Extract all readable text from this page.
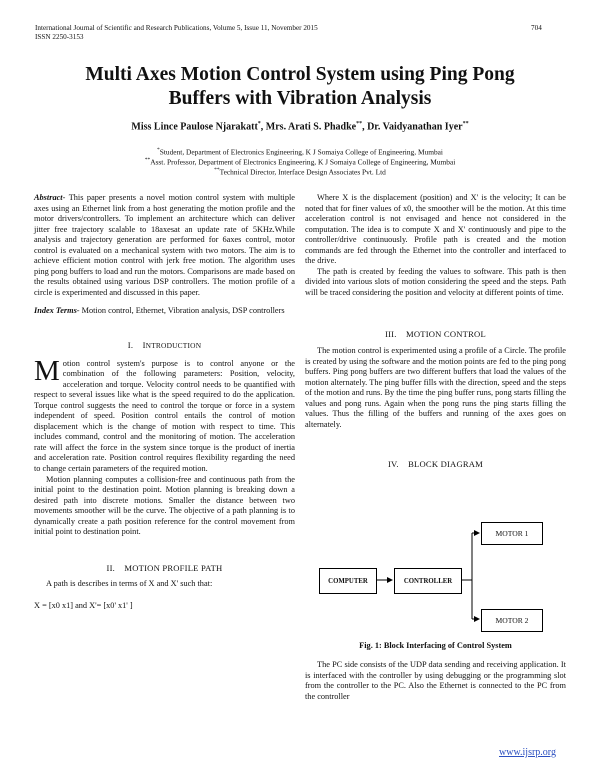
International Journal of Scientific and Research Publications, Volume 5, Issue 11, November 2015
ISSN 2250-3153
704
Multi Axes Motion Control System using Ping Pong
Buffers with Vibration Analysis
Miss Lince Paulose Njarakatt*, Mrs. Arati S. Phadke**, Dr. Vaidyanathan Iyer**
*Student, Department of Electronics Engineering, K J Somaiya College of Engineering, Mumbai
**Asst. Professor, Department of Electronics Engineering, K J Somaiya College of Engineering, Mumbai
**Technical Director, Interface Design Associates Pvt. Ltd

Abstract- This paper presents a novel motion control system with multiple axes using an Ethernet link from a host generating the motion profile and the motor drivers/controllers. To implement an architecture which can deliver jitter free trajectory scalable to 18axesat an update rate of 5KHz.While analysis and trajectory generation are performed for 6axes control, motor control is evaluated on a mechanical system with two motors. The aim is to achieve efficient motion control with jerk free motion. The algorithm uses ping pong buffers to load and run the motors. Comparisons are made based on the results obtained using various DSP controllers. The motion profile of a circle is experimented and discussed in this paper.

Index Terms- Motion control, Ethernet, Vibration analysis, DSP controllers

I. INTRODUCTION

Motion control system's purpose is to control anyone or the combination of the following parameters: Position, velocity, acceleration and torque. Velocity control needs to be quantified with respect to several issues like what is the speed required to do the application. Torque control suggests the need to control the torque or force in a system independent of speed. Position control entails the control of motion displacement which is the change of motion with respect to time. This includes command, control and the monitoring of motion. The acceleration rate will affect the force in the system since torque is the product of inertia and acceleration rate. Position control requires flexibility regarding the need to change certain parameters of the required motion.

Motion planning computes a collision-free and continuous path from the initial point to the destination point. Motion planning is breaking down a desired path into discrete motions. Smaller the distance between two movements smoother will be the curve. The objective of a path planning is to dynamically create a path position reference for the control movement from initial point to destination point.

II. MOTION PROFILE PATH

A path is describes in terms of X and X' such that:

X = [x0 x1] and X'= [x0' x1' ]

Where X is the displacement (position) and X' is the velocity; It can be noted that for finer values of x0, the smoother will be the motion. At this time acceleration control is not envisaged and hence not considered in the computation. The idea is to compute X and X' continuously and pipe to the controller/drive continuously. Profile path is created and the motion commands are fed through the Ethernet into the controller and interfaced to the drive.

The path is created by feeding the values to software. This path is then divided into various slots of motion considering the speed and the steps. Path will be traced considering the position and velocity at different points of time.

III. MOTION CONTROL

The motion control is experimented using a profile of a Circle. The profile is created by using the software and the motion points are fed to the ping pong buffers. Ping pong buffers are two different buffers that load the values of the motion alternately. The ping buffer fills with the direction, speed and the steps of the motion and runs. By the time the ping buffer runs, pong starts filling the values and pong runs. Again when the pong runs the ping starts filling the values. Thus the filling of the buffers and running of the axes goes on alternately.

IV. BLOCK DIAGRAM
COMPUTER	CONTROLLER
MOTOR 1
MOTOR 2
Fig. 1: Block Interfacing of Control System

The PC side consists of the UDP data sending and receiving application. It is interfaced with the controller by using debugging or the programming slot from the controller to the PC. Also the Ethernet is connected to the PC from the controller

www.ijsrp.org
